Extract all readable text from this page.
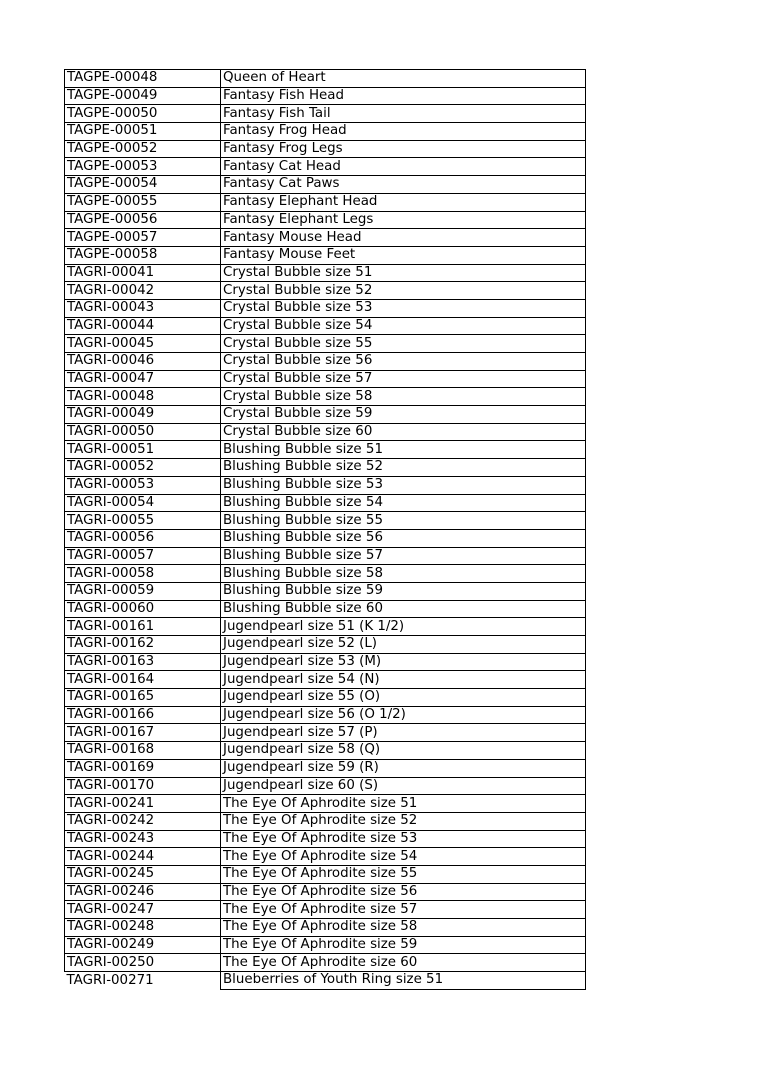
TAGPE-00048	Queen of Heart
TAGPE-00049	Fantasy Fish Head
TAGPE-00050	Fantasy Fish Tail
TAGPE-00051	Fantasy Frog Head
TAGPE-00052	Fantasy Frog Legs
TAGPE-00053	Fantasy Cat Head
TAGPE-00054	Fantasy Cat Paws
TAGPE-00055	Fantasy Elephant Head
TAGPE-00056	Fantasy Elephant Legs
TAGPE-00057	Fantasy Mouse Head
TAGPE-00058	Fantasy Mouse Feet
TAGRI-00041	Crystal Bubble size 51
TAGRI-00042	Crystal Bubble size 52
TAGRI-00043	Crystal Bubble size 53
TAGRI-00044	Crystal Bubble size 54
TAGRI-00045	Crystal Bubble size 55
TAGRI-00046	Crystal Bubble size 56
TAGRI-00047	Crystal Bubble size 57
TAGRI-00048	Crystal Bubble size 58
TAGRI-00049	Crystal Bubble size 59
TAGRI-00050	Crystal Bubble size 60
TAGRI-00051	Blushing Bubble size 51
TAGRI-00052	Blushing Bubble size 52
TAGRI-00053	Blushing Bubble size 53
TAGRI-00054	Blushing Bubble size 54
TAGRI-00055	Blushing Bubble size 55
TAGRI-00056	Blushing Bubble size 56
TAGRI-00057	Blushing Bubble size 57
TAGRI-00058	Blushing Bubble size 58
TAGRI-00059	Blushing Bubble size 59
TAGRI-00060	Blushing Bubble size 60
TAGRI-00161	Jugendpearl size 51 (K 1/2)
TAGRI-00162	Jugendpearl size 52 (L)
TAGRI-00163	Jugendpearl size 53 (M)
TAGRI-00164	Jugendpearl size 54 (N)
TAGRI-00165	Jugendpearl size 55 (O)
TAGRI-00166	Jugendpearl size 56 (O 1/2)
TAGRI-00167	Jugendpearl size 57 (P)
TAGRI-00168	Jugendpearl size 58 (Q)
TAGRI-00169	Jugendpearl size 59 (R)
TAGRI-00170	Jugendpearl size 60 (S)
TAGRI-00241	The Eye Of Aphrodite size 51
TAGRI-00242	The Eye Of Aphrodite size 52
TAGRI-00243	The Eye Of Aphrodite size 53
TAGRI-00244	The Eye Of Aphrodite size 54
TAGRI-00245	The Eye Of Aphrodite size 55
TAGRI-00246	The Eye Of Aphrodite size 56
TAGRI-00247	The Eye Of Aphrodite size 57
TAGRI-00248	The Eye Of Aphrodite size 58
TAGRI-00249	The Eye Of Aphrodite size 59
TAGRI-00250	The Eye Of Aphrodite size 60
TAGRI-00271	Blueberries of Youth Ring size 51
